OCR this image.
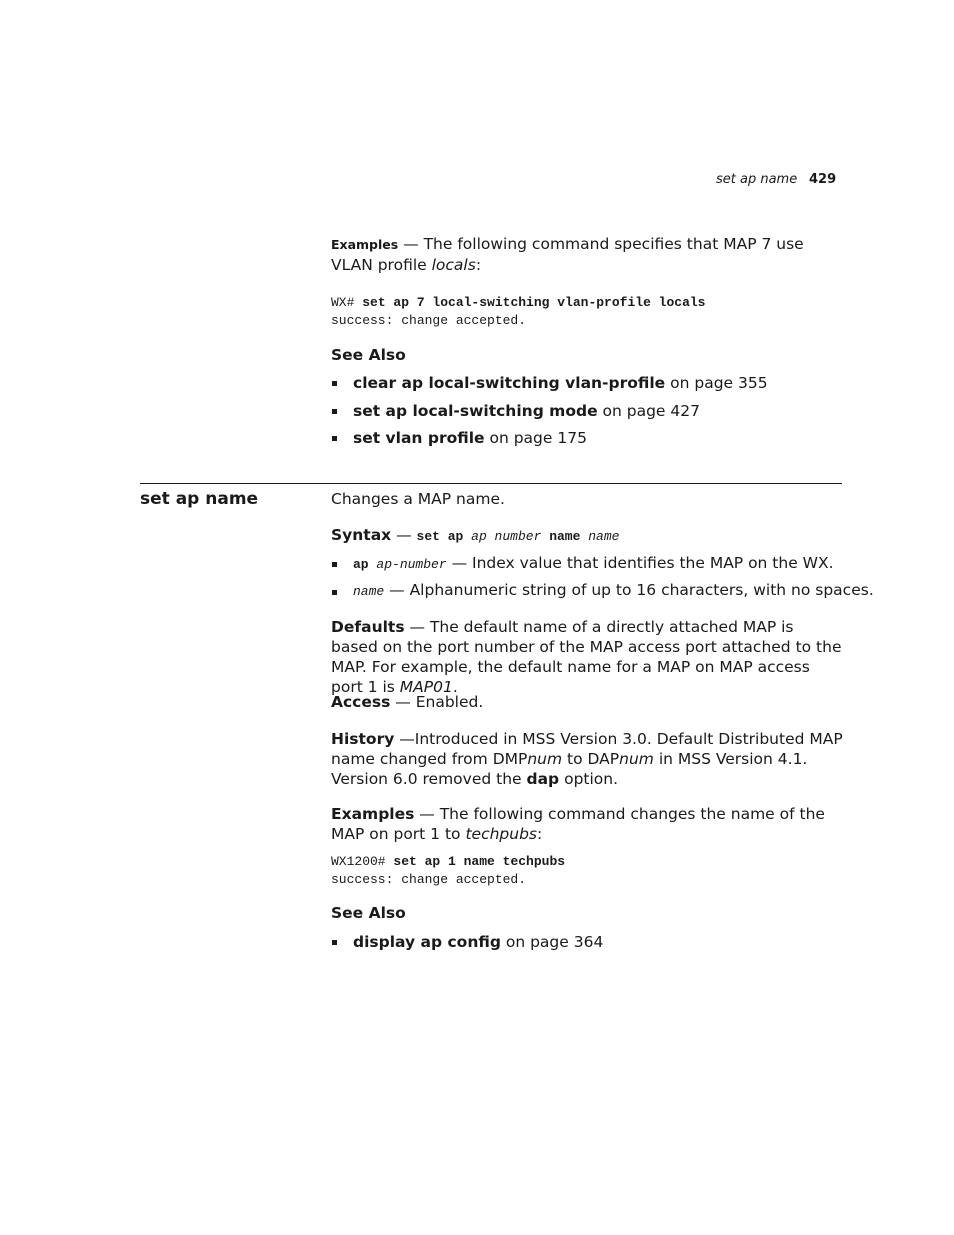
set ap name 429
Examples — The following command specifies that MAP 7 use VLAN profile locals:
WX# set ap 7 local-switching vlan-profile locals
success: change accepted.
See Also
clear ap local-switching vlan-profile on page 355
set ap local-switching mode on page 427
set vlan profile on page 175
set ap name	Changes a MAP name.
Syntax — set ap ap number name name
ap ap-number — Index value that identifies the MAP on the WX.
name — Alphanumeric string of up to 16 characters, with no spaces.
Defaults — The default name of a directly attached MAP is based on the port number of the MAP access port attached to the MAP. For example, the default name for a MAP on MAP access port 1 is MAP01.
Access — Enabled.
History —Introduced in MSS Version 3.0. Default Distributed MAP name changed from DMPnum to DAPnum in MSS Version 4.1. Version 6.0 removed the dap option.
Examples — The following command changes the name of the MAP on port 1 to techpubs:
WX1200# set ap 1 name techpubs
success: change accepted.
See Also
display ap config on page 364
